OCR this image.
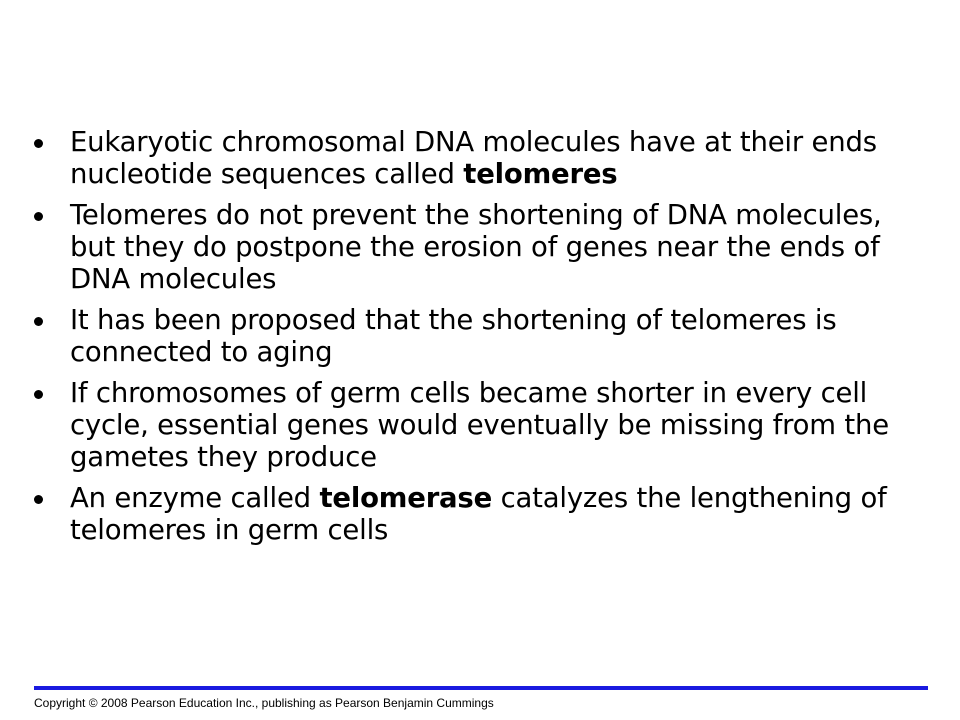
Eukaryotic chromosomal DNA molecules have at their ends nucleotide sequences called telomeres
Telomeres do not prevent the shortening of DNA molecules, but they do postpone the erosion of genes near the ends of DNA molecules
It has been proposed that the shortening of telomeres is connected to aging
If chromosomes of germ cells became shorter in every cell cycle, essential genes would eventually be missing from the gametes they produce
An enzyme called telomerase catalyzes the lengthening of telomeres in germ cells
Copyright © 2008 Pearson Education Inc., publishing as Pearson Benjamin Cummings
